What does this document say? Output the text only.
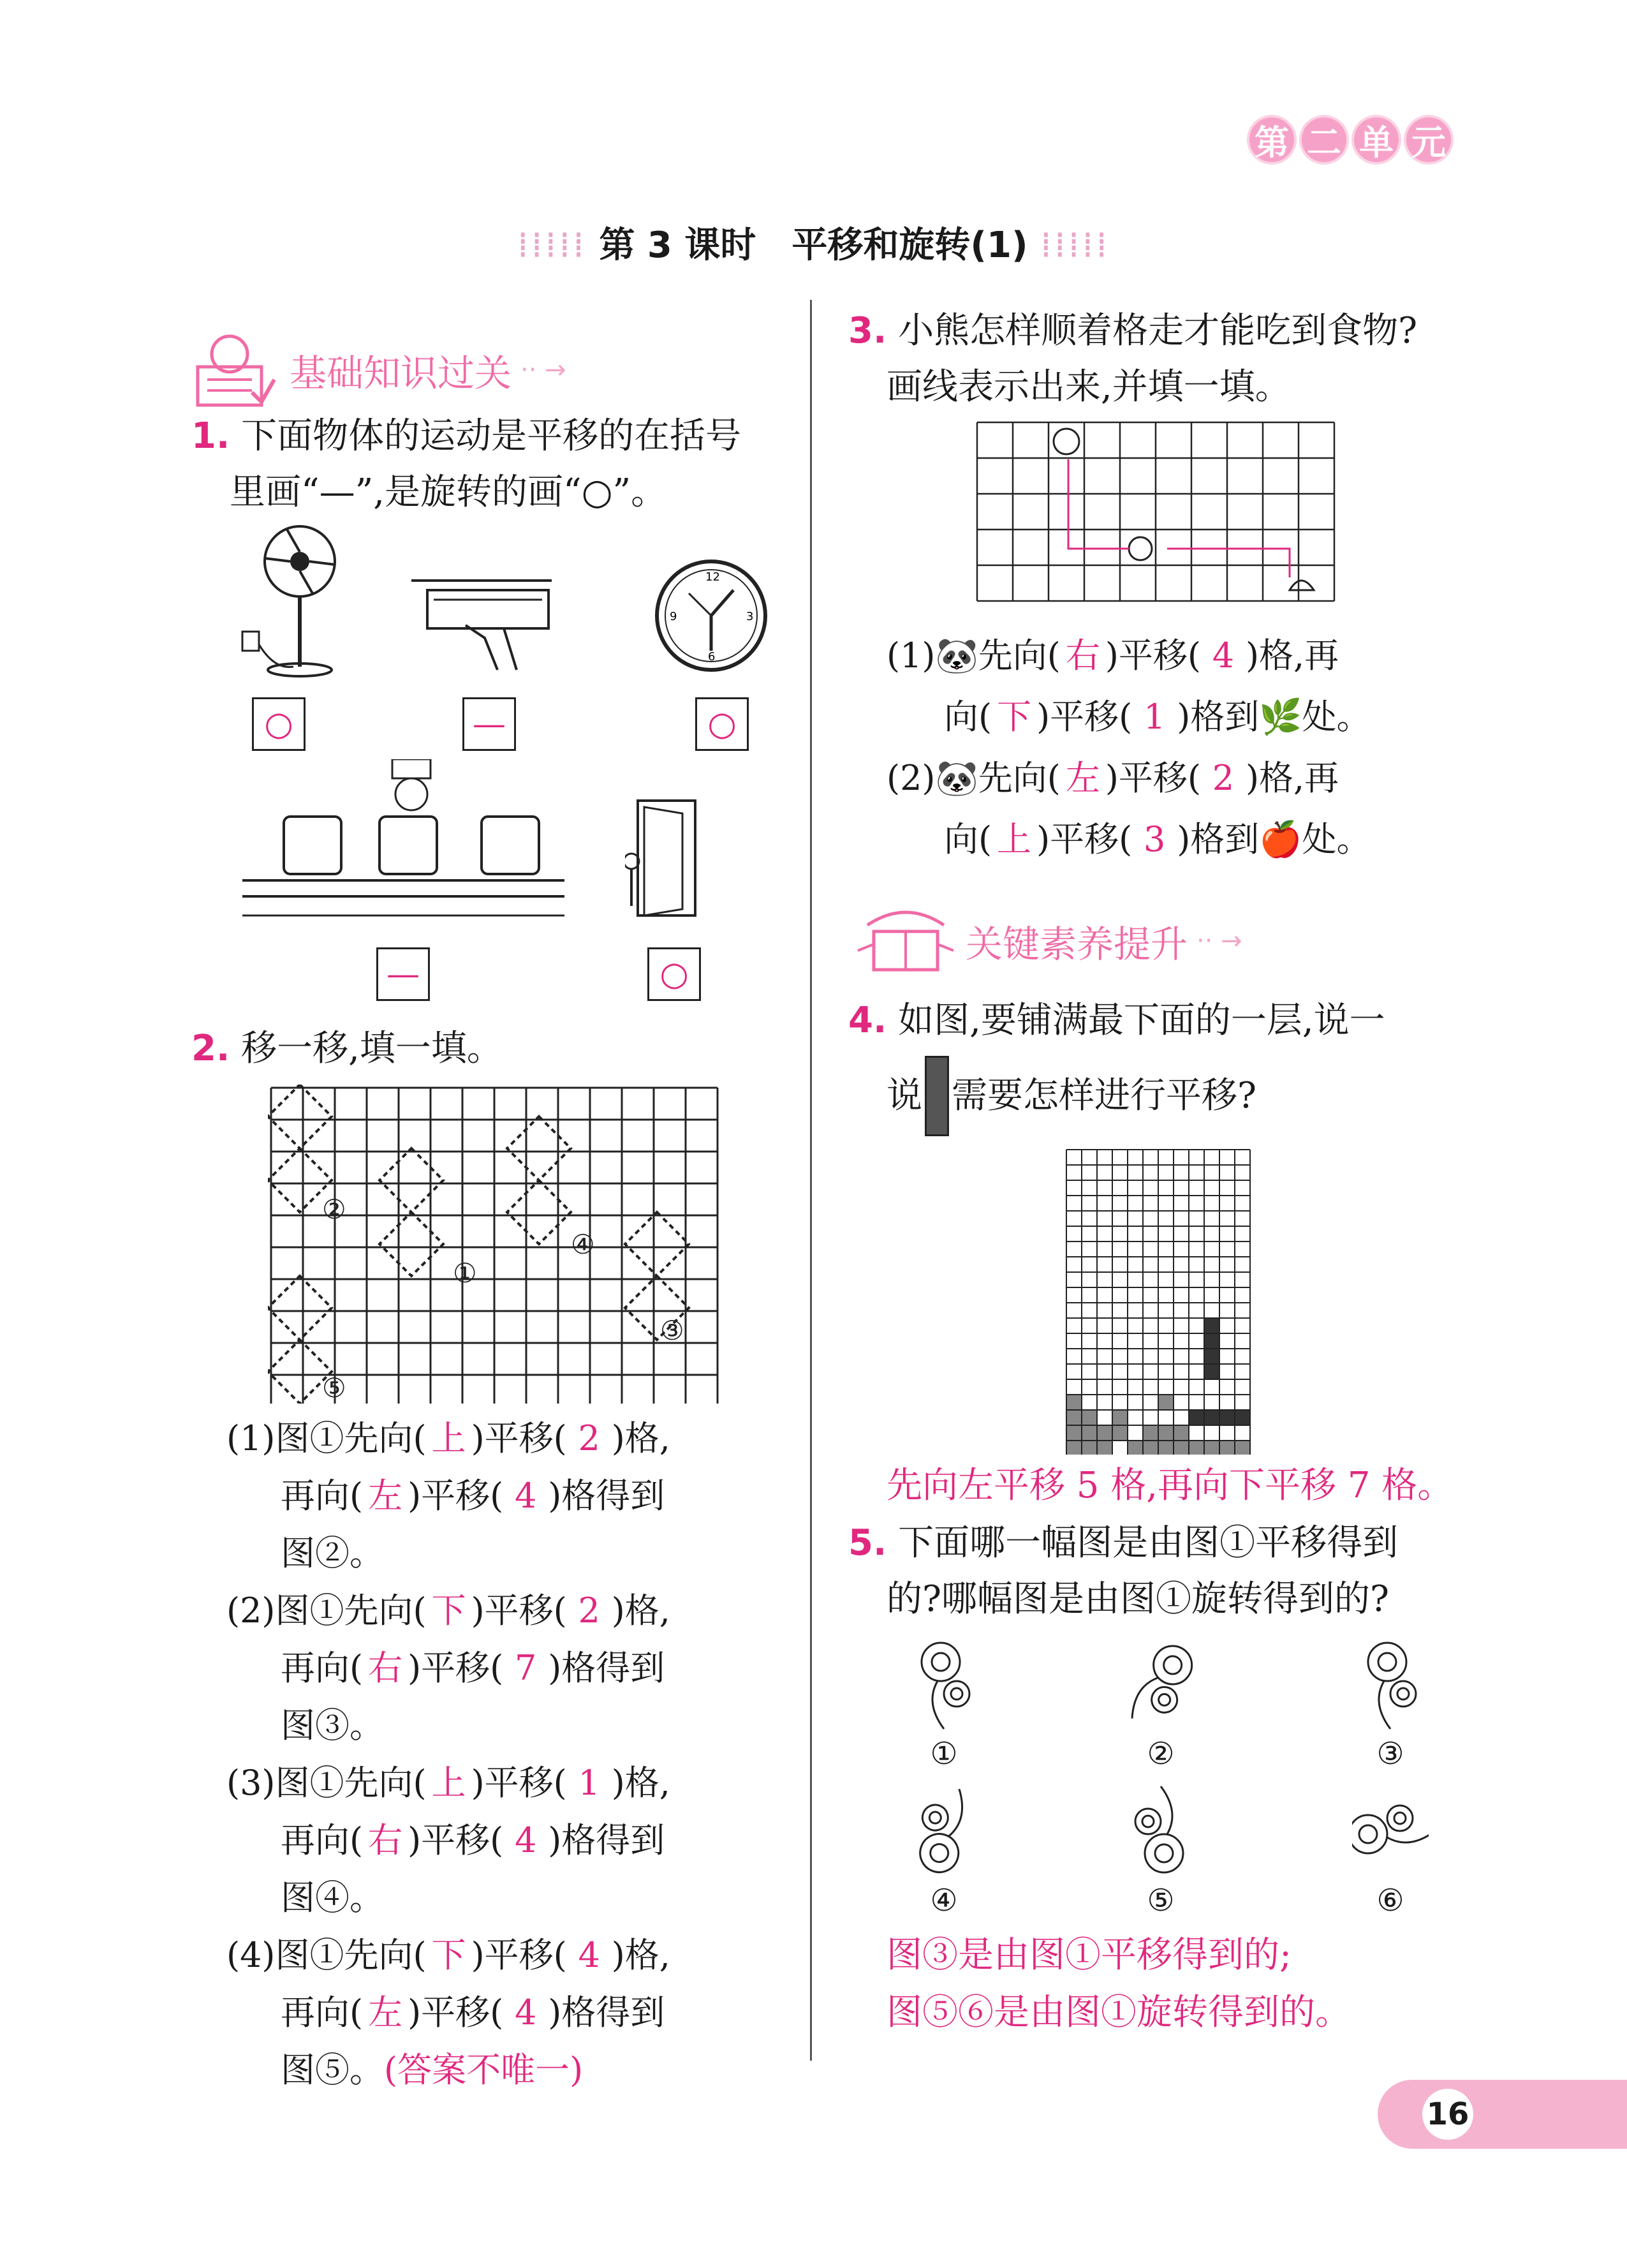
第 二 单 元
⁞⁞⁞⁞⁞ 第 3 课时　平移和旋转(1) ⁞⁞⁞⁞⁞
基础知识过关 ·· →
1. 下面物体的运动是平移的在括号
里画“—”,是旋转的画“○”。
12
3
6
9
○	—	○
—	○
2. 移一移,填一填。
①
②
③
④
⑤
(1)图①先向( 上 )平移( 2 )格,
再向( 左 )平移( 4 )格得到
图②。
(2)图①先向( 下 )平移( 2 )格,
再向( 右 )平移( 7 )格得到
图③。
(3)图①先向( 上 )平移( 1 )格,
再向( 右 )平移( 4 )格得到
图④。
(4)图①先向( 下 )平移( 4 )格,
再向( 左 )平移( 4 )格得到
图⑤。(答案不唯一)
3. 小熊怎样顺着格走才能吃到食物?
画线表示出来,并填一填。
(1)🐼先向( 右 )平移( 4 )格,再
向( 下 )平移( 1 )格到🌿处。
(2)🐼先向( 左 )平移( 2 )格,再
向( 上 )平移( 3 )格到🍎处。
关键素养提升 ·· →
4. 如图,要铺满最下面的一层,说一
说 需要怎样进行平移?
先向左平移 5 格,再向下平移 7 格。
5. 下面哪一幅图是由图①平移得到
的?哪幅图是由图①旋转得到的?
①	②	③
④	⑤	⑥
图③是由图①平移得到的;
图⑤⑥是由图①旋转得到的。
16
